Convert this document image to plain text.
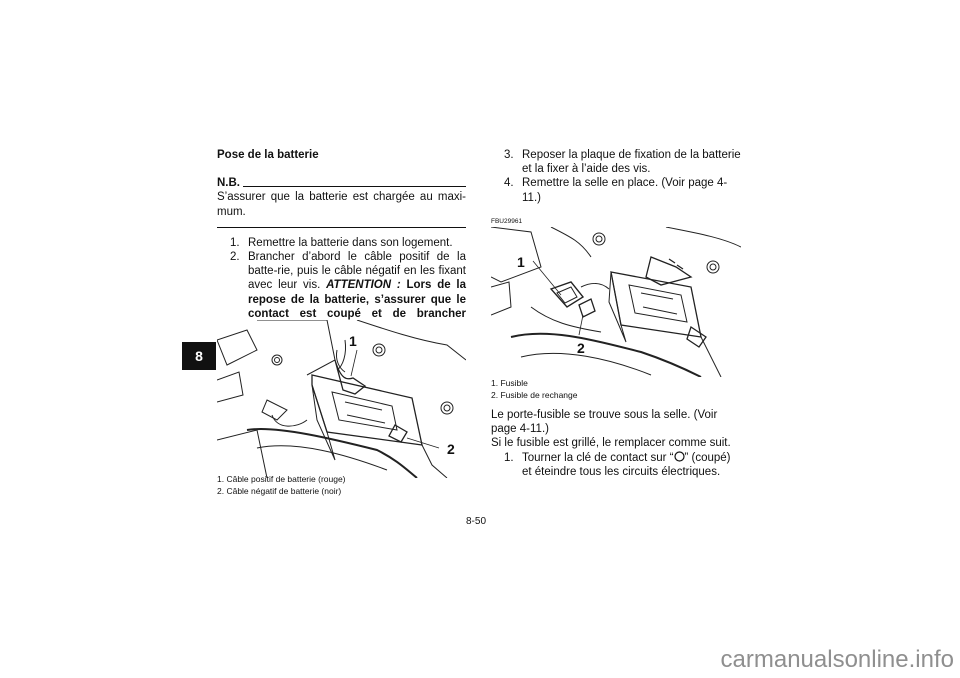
8
Pose de la batterie
N.B.
S’assurer que la batterie est chargée au maxi-mum.
1. Remettre la batterie dans son logement.
2. Brancher d’abord le câble positif de la batte-rie, puis le câble négatif en les fixant avec leur vis. ATTENTION : Lors de la repose de la batterie, s’assurer que le contact est coupé et de brancher
1
2
1. Câble positif de batterie (rouge)
2. Câble négatif de batterie (noir)
3. Reposer la plaque de fixation de la batterie et la fixer à l’aide des vis.
4. Remettre la selle en place. (Voir page 4-11.)
FBU29961
1
2
1. Fusible
2. Fusible de rechange
Le porte-fusible se trouve sous la selle. (Voir page 4-11.)
Si le fusible est grillé, le remplacer comme suit.
1. Tourner la clé de contact sur “ ” (coupé) et éteindre tous les circuits électriques.
8-50
carmanualsonline.info
